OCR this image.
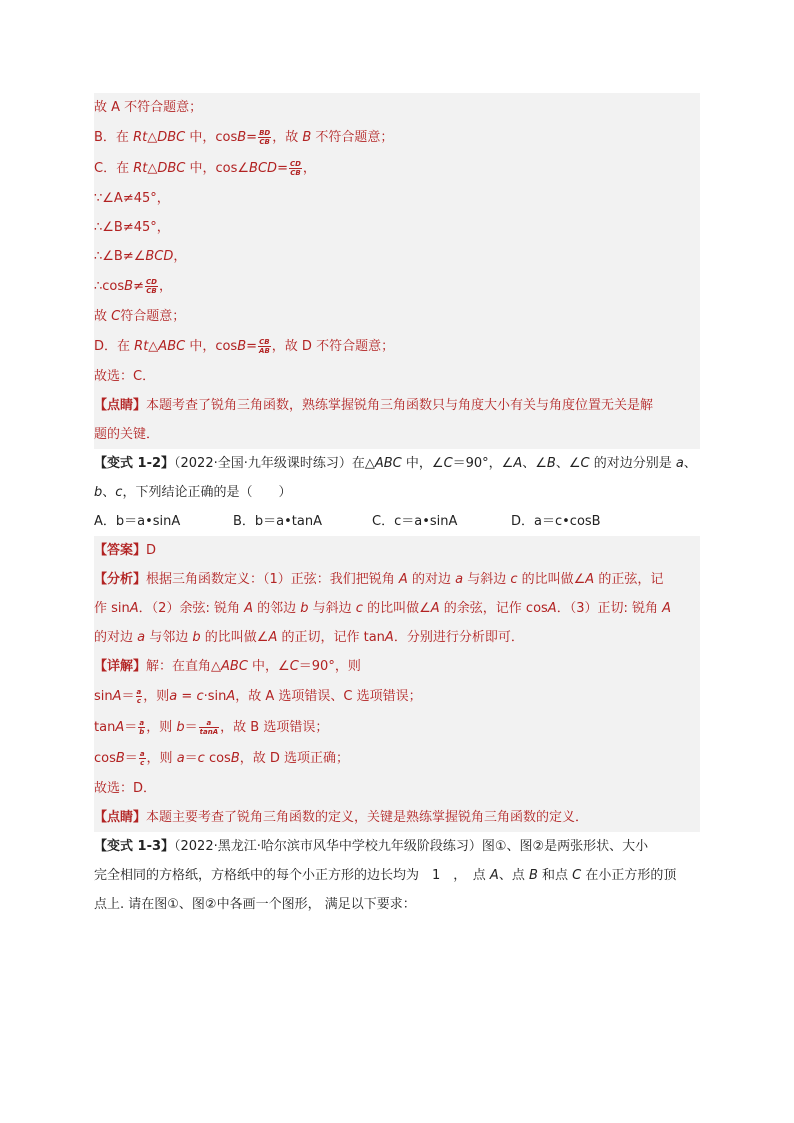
故 A 不符合题意；
B．在 Rt△DBC 中，$\cos B= \frac{BD}{CB}$ ，故 B 不符合题意；
C．在 Rt△DBC 中，cos∠BCD= $\frac{CD}{CB}$ ，
∵∠A≠45°，
∴∠B≠45°，
∴∠B≠∠BCD，
∴cosB≠ $\frac{CD}{CB}$ ，
故 C符合题意；
D．在 Rt△ABC 中，$\cos B= \frac{CB}{AB}$ ，故 D 不符合题意；
故选：C．
【点睛】本题考查了锐角三角函数，熟练掌握锐角三角函数只与角度大小有关与角度位置无关是解
题的关键．
【变式 1-2】（2022·全国·九年级课时练习）在△ABC 中，∠C＝90°，∠A、∠B、∠C 的对边分别是 a、
b、c，下列结论正确的是（　　）
A．b＝a•sinA	B．b＝a•tanA	C．c＝a•sinA	D．a＝c•cosB
【答案】D
【分析】根据三角函数定义：（1）正弦：我们把锐角 A 的对边 a 与斜边 c 的比叫做∠A 的正弦，记
作 sinA．（2）余弦: 锐角 A 的邻边 b 与斜边 c 的比叫做∠A 的余弦，记作 cosA．（3）正切: 锐角 A
的对边 a 与邻边 b 的比叫做∠A 的正切，记作 tanA．分别进行分析即可．
【详解】解：在直角△ABC 中，∠C＝90°，则
$\sin A= \frac{a}{c}$ ，则a = c·sinA，故 A 选项错误、C 选项错误；
$\tan A= \frac{a}{b}$ ，则 $b= \frac{a}{\tan A}$ ，故 B 选项错误；
$\cos B= \frac{a}{c}$ ，则 a＝c cosB，故 D 选项正确；
故选：D．
【点睛】本题主要考查了锐角三角函数的定义，关键是熟练掌握锐角三角函数的定义．
【变式 1-3】（2022·黑龙江·哈尔滨市风华中学校九年级阶段练习）图①、图②是两张形状、大小
完全相同的方格纸，方格纸中的每个小正方形的边长均为　1　，　点 A、点 B 和点 C 在小正方形的顶
点上. 请在图①、图②中各画一个图形， 满足以下要求：
